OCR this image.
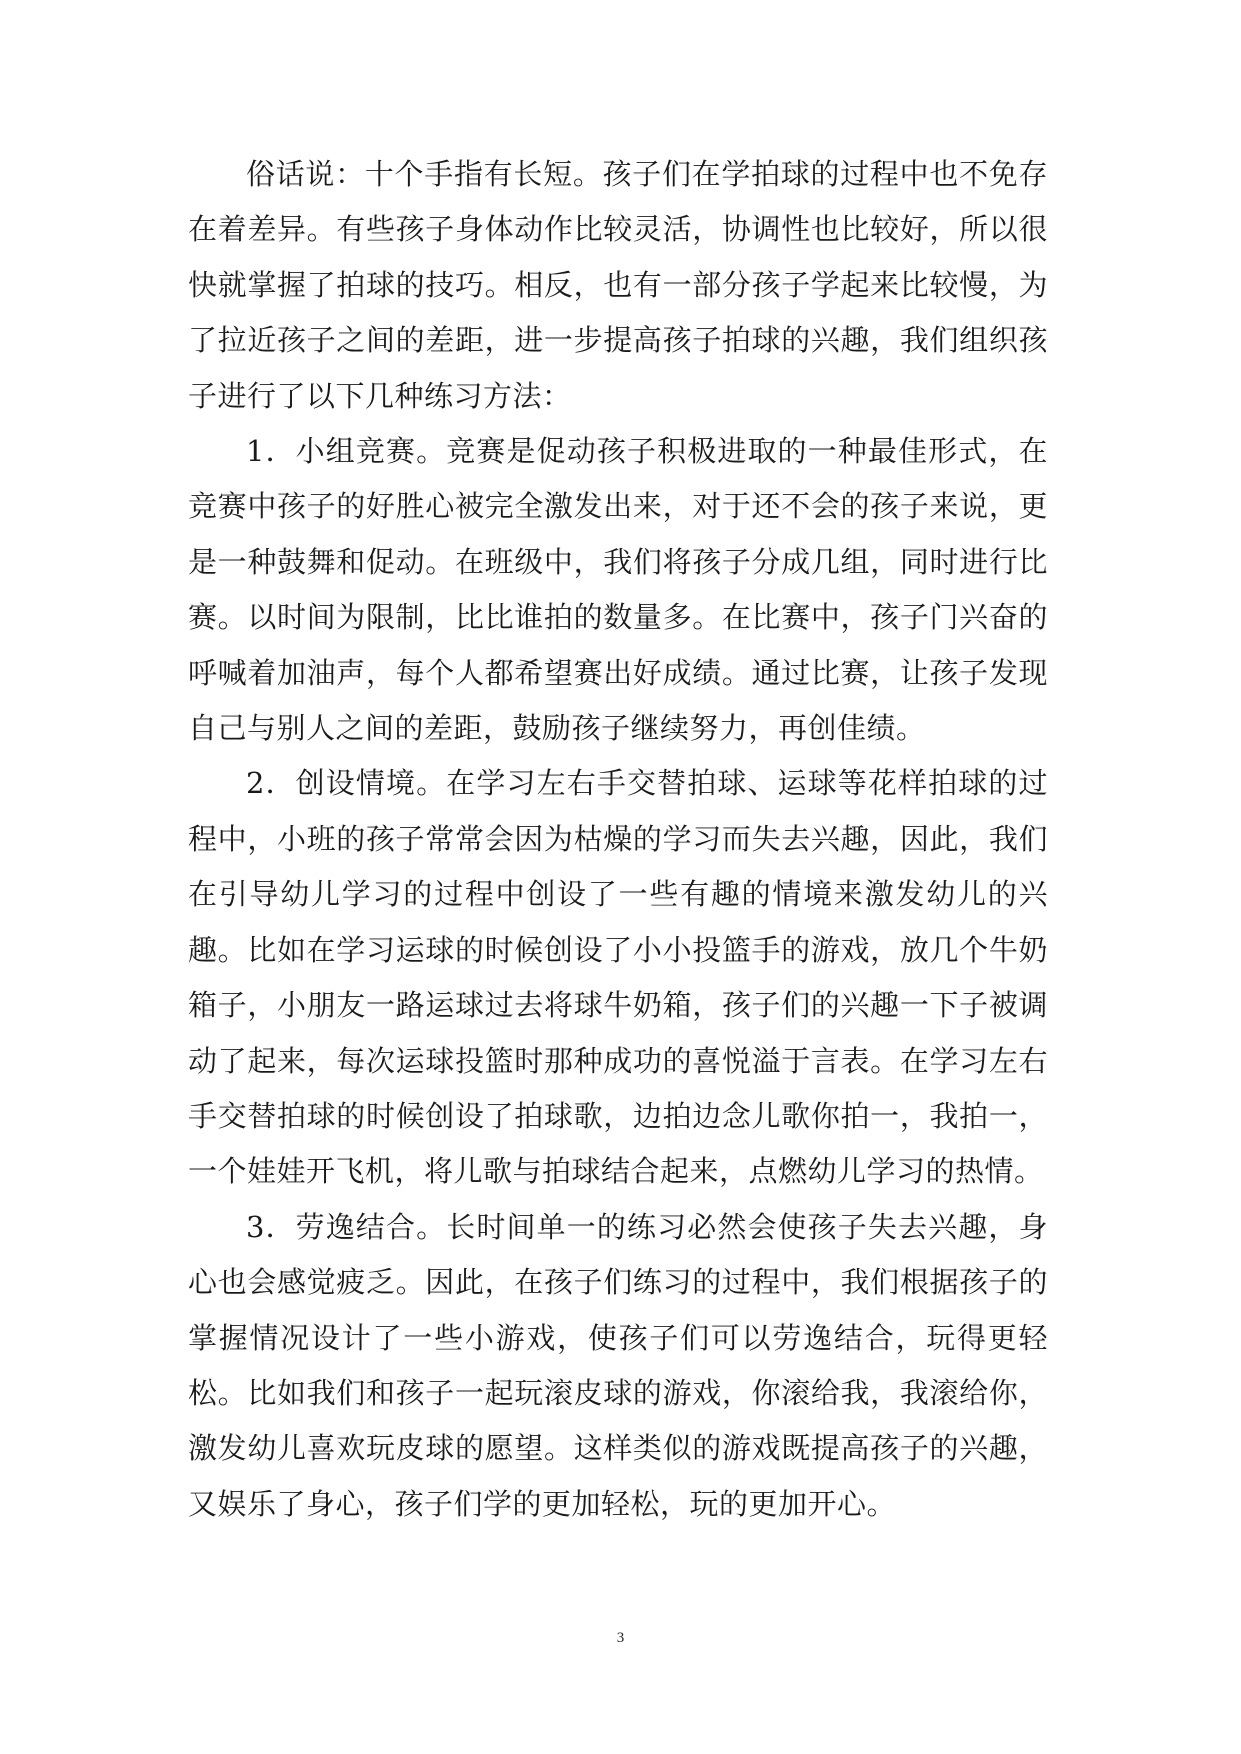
俗话说：十个手指有长短。孩子们在学拍球的过程中也不免存在着差异。有些孩子身体动作比较灵活，协调性也比较好，所以很快就掌握了拍球的技巧。相反，也有一部分孩子学起来比较慢，为了拉近孩子之间的差距，进一步提高孩子拍球的兴趣，我们组织孩子进行了以下几种练习方法：

1．小组竞赛。竞赛是促动孩子积极进取的一种最佳形式，在竞赛中孩子的好胜心被完全激发出来，对于还不会的孩子来说，更是一种鼓舞和促动。在班级中，我们将孩子分成几组，同时进行比赛。以时间为限制，比比谁拍的数量多。在比赛中，孩子门兴奋的呼喊着加油声，每个人都希望赛出好成绩。通过比赛，让孩子发现自己与别人之间的差距，鼓励孩子继续努力，再创佳绩。

2．创设情境。在学习左右手交替拍球、运球等花样拍球的过程中，小班的孩子常常会因为枯燥的学习而失去兴趣，因此，我们在引导幼儿学习的过程中创设了一些有趣的情境来激发幼儿的兴趣。比如在学习运球的时候创设了小小投篮手的游戏，放几个牛奶箱子，小朋友一路运球过去将球牛奶箱，孩子们的兴趣一下子被调动了起来，每次运球投篮时那种成功的喜悦溢于言表。在学习左右手交替拍球的时候创设了拍球歌，边拍边念儿歌你拍一，我拍一，一个娃娃开飞机，将儿歌与拍球结合起来，点燃幼儿学习的热情。

3．劳逸结合。长时间单一的练习必然会使孩子失去兴趣，身心也会感觉疲乏。因此，在孩子们练习的过程中，我们根据孩子的掌握情况设计了一些小游戏，使孩子们可以劳逸结合，玩得更轻松。比如我们和孩子一起玩滚皮球的游戏，你滚给我，我滚给你，激发幼儿喜欢玩皮球的愿望。这样类似的游戏既提高孩子的兴趣，又娱乐了身心，孩子们学的更加轻松，玩的更加开心。

3
